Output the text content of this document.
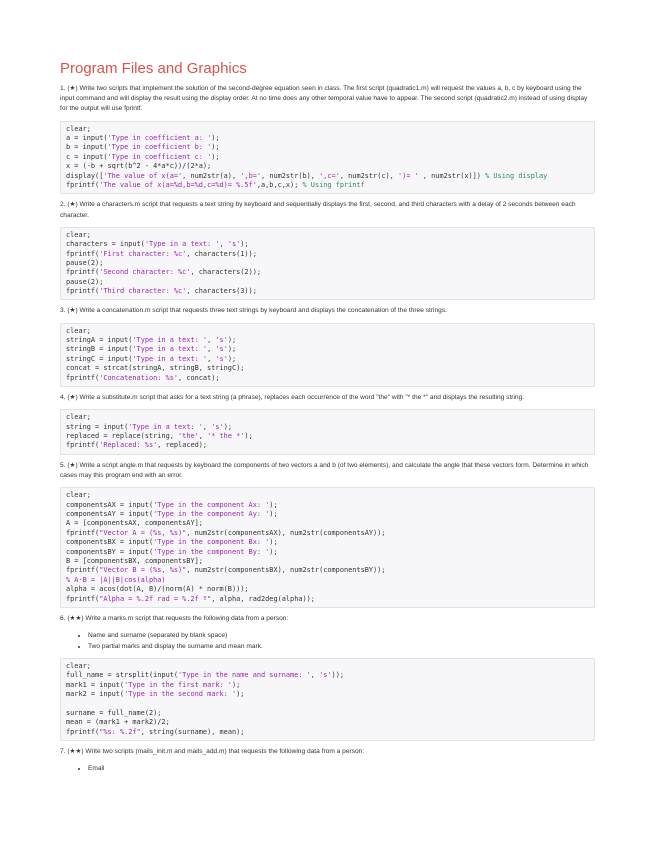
Program Files and Graphics

1. (★) Write two scripts that implement the solution of the second-degree equation seen in class. The first script (quadratic1.m) will request the values a, b, c by keyboard using the input command and will display the result using the display order. At no time does any other temporal value have to appear. The second script (quadratic2.m) instead of using display for the output will use fprintf.

clear;
a = input('Type in coefficient a: ');
b = input('Type in coefficient b: ');
c = input('Type in coefficient c: ');
x = (-b + sqrt(b^2 - 4*a*c))/(2*a);
display(['The value of x(a=', num2str(a), ',b=', num2str(b), ',c=', num2str(c), ')= ' , num2str(x)]) % Using display
fprintf('The value of x(a=%d,b=%d,c=%d)= %.5f',a,b,c,x); % Using fprintf

2. (★) Write a characters.m script that requests a text string by keyboard and sequentially displays the first, second, and third characters with a delay of 2 seconds between each character.

clear;
characters = input('Type in a text: ', 's');
fprintf('First character: %c', characters(1));
pause(2);
fprintf('Second character: %c', characters(2));
pause(2);
fprintf('Third character: %c', characters(3));

3. (★) Write a concatenation.m script that requests three text strings by keyboard and displays the concatenation of the three strings.

clear;
stringA = input('Type in a text: ', 's');
stringB = input('Type in a text: ', 's');
stringC = input('Type in a text: ', 's');
concat = strcat(stringA, stringB, stringC);
fprintf('Concatenation: %s', concat);

4. (★) Write a substitute.m script that asks for a text string (a phrase), replaces each occurrence of the word "the" with "* the *" and displays the resulting string.

clear;
string = input('Type in a text: ', 's');
replaced = replace(string, 'the', '* the *');
fprintf('Replaced: %s', replaced);

5. (★) Write a script angle.m that requests by keyboard the components of two vectors a and b (of two elements), and calculate the angle that these vectors form. Determine in which cases may this program end with an error.

clear;
componentsAX = input('Type in the component Ax: ');
componentsAY = input('Type in the component Ay: ');
A = [componentsAX, componentsAY];
fprintf("Vector A = (%s, %s)", num2str(componentsAX), num2str(componentsAY));
componentsBX = input('Type in the component Bx: ');
componentsBY = input('Type in the component By: ');
B = [componentsBX, componentsBY];
fprintf("Vector B = (%s, %s)", num2str(componentsBX), num2str(componentsBY));
% A·B = |A||B|cos(alpha)
alpha = acos(dot(A, B)/(norm(A) * norm(B)));
fprintf("Alpha = %.2f rad = %.2f º", alpha, rad2deg(alpha));

6. (★★) Write a marks.m script that requests the following data from a person:

• Name and surname (separated by blank space)
• Two partial marks and display the surname and mean mark.
clear;
full_name = strsplit(input('Type in the name and surname: ', 's'));
mark1 = input('Type in the first mark: ');
mark2 = input('Type in the second mark: ');
surname = full_name(2);
mean = (mark1 + mark2)/2;
fprintf("%s: %.2f", string(surname), mean);

7. (★★) Write two scripts (mails_init.m and mails_add.m) that requests the following data from a person:

• Email
